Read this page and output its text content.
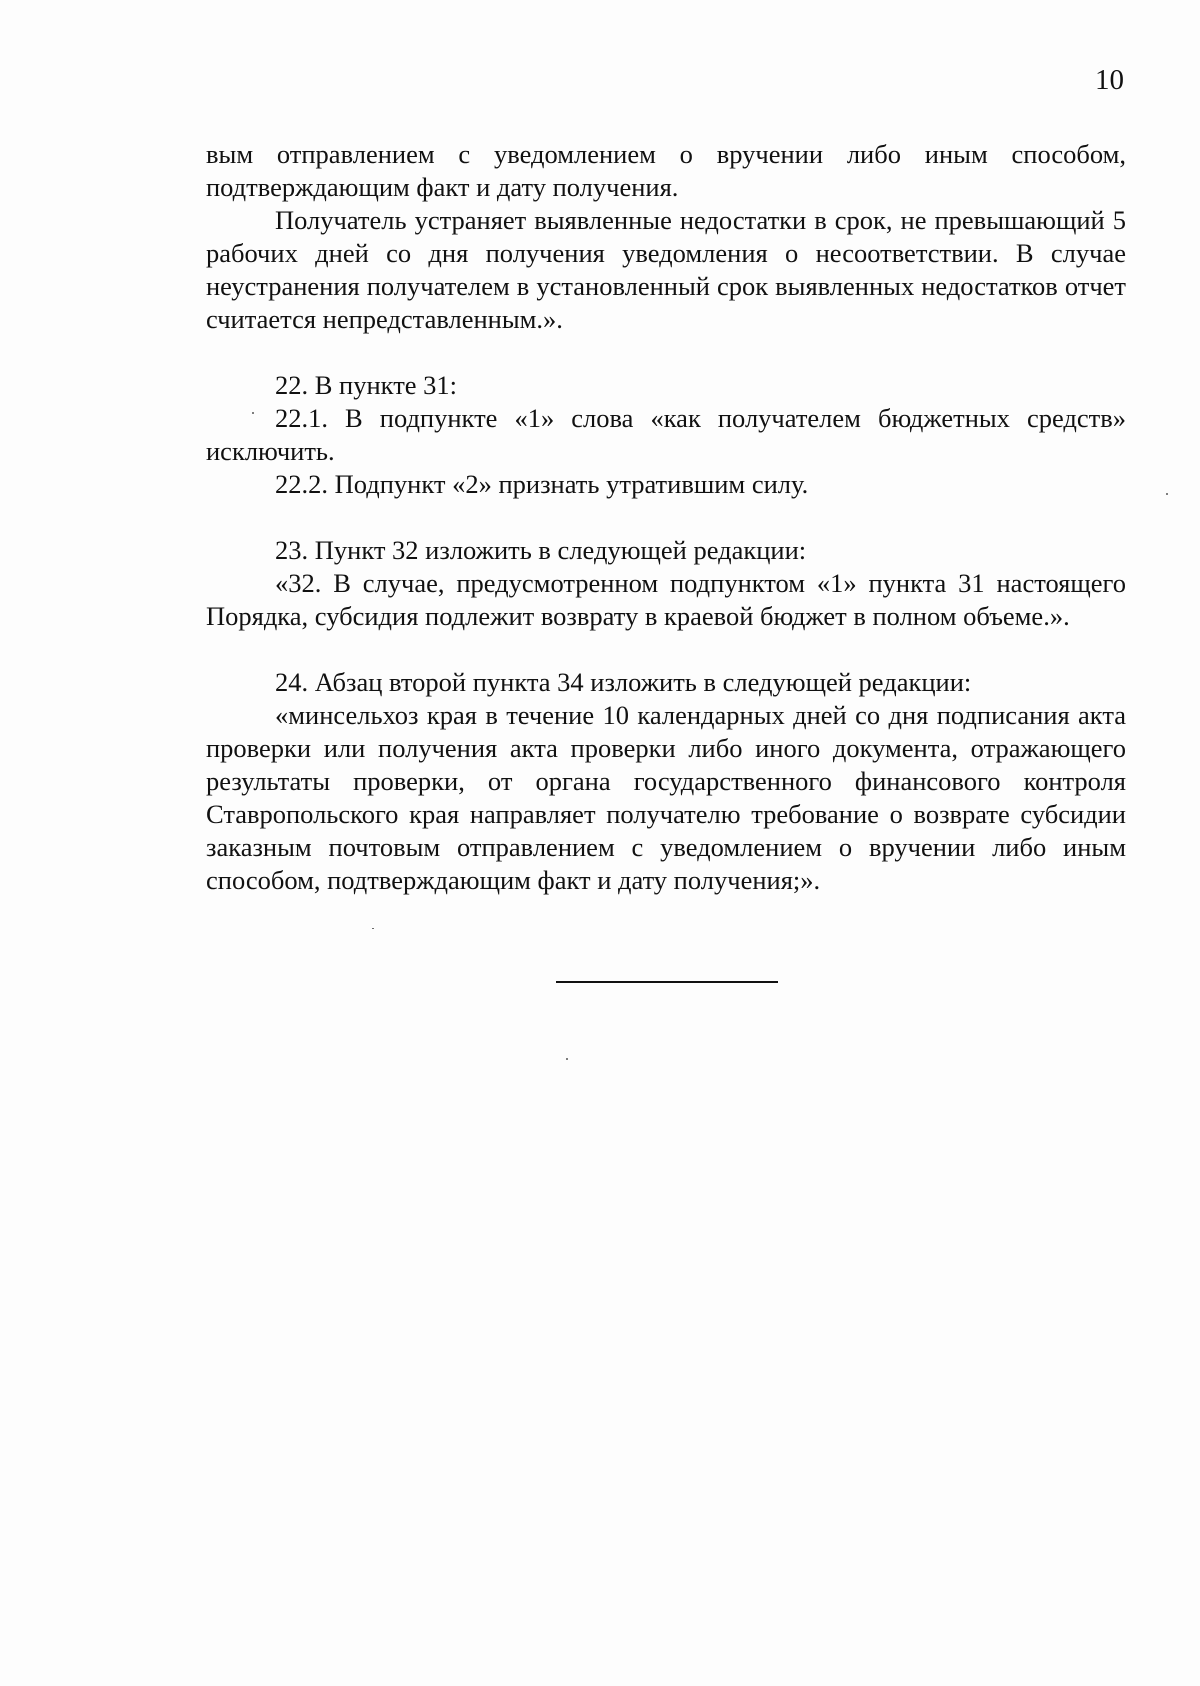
10

вым отправлением с уведомлением о вручении либо иным способом, подтверждающим факт и дату получения.

Получатель устраняет выявленные недостатки в срок, не превышающий 5 рабочих дней со дня получения уведомления о несоответствии. В случае неустранения получателем в установленный срок выявленных недостатков отчет считается непредставленным.».

22. В пункте 31:

22.1. В подпункте «1» слова «как получателем бюджетных средств» исключить.

22.2. Подпункт «2» признать утратившим силу.

23. Пункт 32 изложить в следующей редакции:

«32. В случае, предусмотренном подпунктом «1» пункта 31 настоящего Порядка, субсидия подлежит возврату в краевой бюджет в полном объеме.».

24. Абзац второй пункта 34 изложить в следующей редакции:

«минсельхоз края в течение 10 календарных дней со дня подписания акта проверки или получения акта проверки либо иного документа, отражающего результаты проверки, от органа государственного финансового контроля Ставропольского края направляет получателю требование о возврате субсидии заказным почтовым отправлением с уведомлением о вручении либо иным способом, подтверждающим факт и дату получения;».
